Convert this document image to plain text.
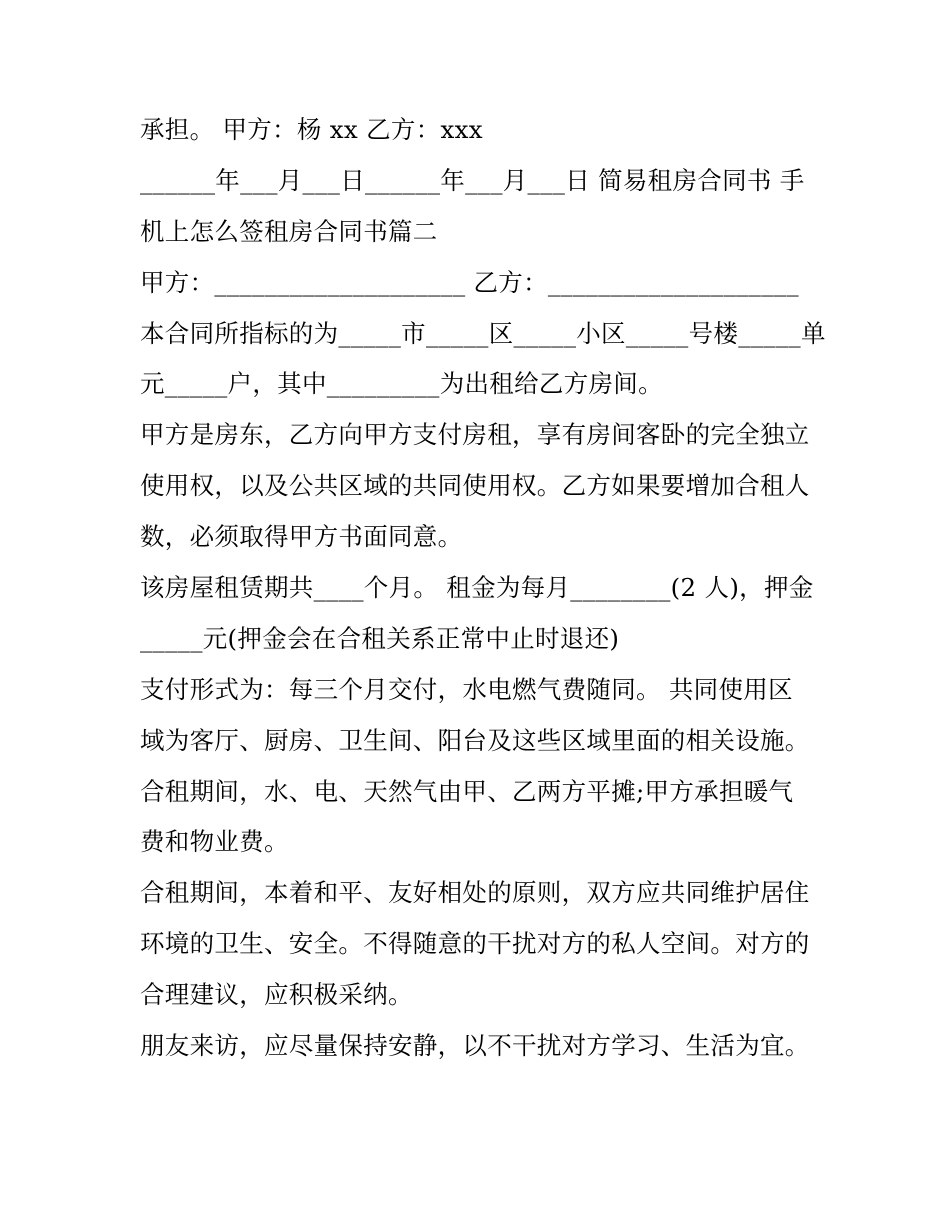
承担。 甲方：杨 xx 乙方：xxx

______年___月___日______年___月___日 简易租房合同书 手

机上怎么签租房合同书篇二

甲方：____________________ 乙方：____________________

本合同所指标的为_____市_____区_____小区_____号楼_____单

元_____户，其中_________为出租给乙方房间。

甲方是房东，乙方向甲方支付房租，享有房间客卧的完全独立

使用权，以及公共区域的共同使用权。乙方如果要增加合租人

数，必须取得甲方书面同意。

该房屋租赁期共____个月。 租金为每月________(2 人)，押金

_____元(押金会在合租关系正常中止时退还)

支付形式为：每三个月交付，水电燃气费随同。 共同使用区

域为客厅、厨房、卫生间、阳台及这些区域里面的相关设施。

合租期间，水、电、天然气由甲、乙两方平摊;甲方承担暖气

费和物业费。

合租期间，本着和平、友好相处的原则，双方应共同维护居住

环境的卫生、安全。不得随意的干扰对方的私人空间。对方的

合理建议，应积极采纳。

朋友来访，应尽量保持安静，以不干扰对方学习、生活为宜。
